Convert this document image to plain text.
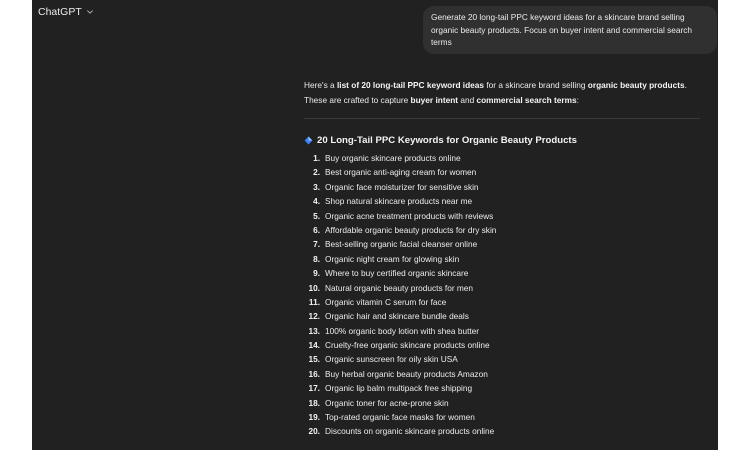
ChatGPT	Generate 20 long-tail PPC keyword ideas for a skincare brand selling organic beauty products. Focus on buyer intent and commercial search terms
Here's a list of 20 long-tail PPC keyword ideas for a skincare brand selling organic beauty products. These are crafted to capture buyer intent and commercial search terms:
20 Long-Tail PPC Keywords for Organic Beauty Products
1. Buy organic skincare products online
2. Best organic anti-aging cream for women
3. Organic face moisturizer for sensitive skin
4. Shop natural skincare products near me
5. Organic acne treatment products with reviews
6. Affordable organic beauty products for dry skin
7. Best-selling organic facial cleanser online
8. Organic night cream for glowing skin
9. Where to buy certified organic skincare
10. Natural organic beauty products for men
11. Organic vitamin C serum for face
12. Organic hair and skincare bundle deals
13. 100% organic body lotion with shea butter
14. Cruelty-free organic skincare products online
15. Organic sunscreen for oily skin USA
16. Buy herbal organic beauty products Amazon
17. Organic lip balm multipack free shipping
18. Organic toner for acne-prone skin
19. Top-rated organic face masks for women
20. Discounts on organic skincare products online
